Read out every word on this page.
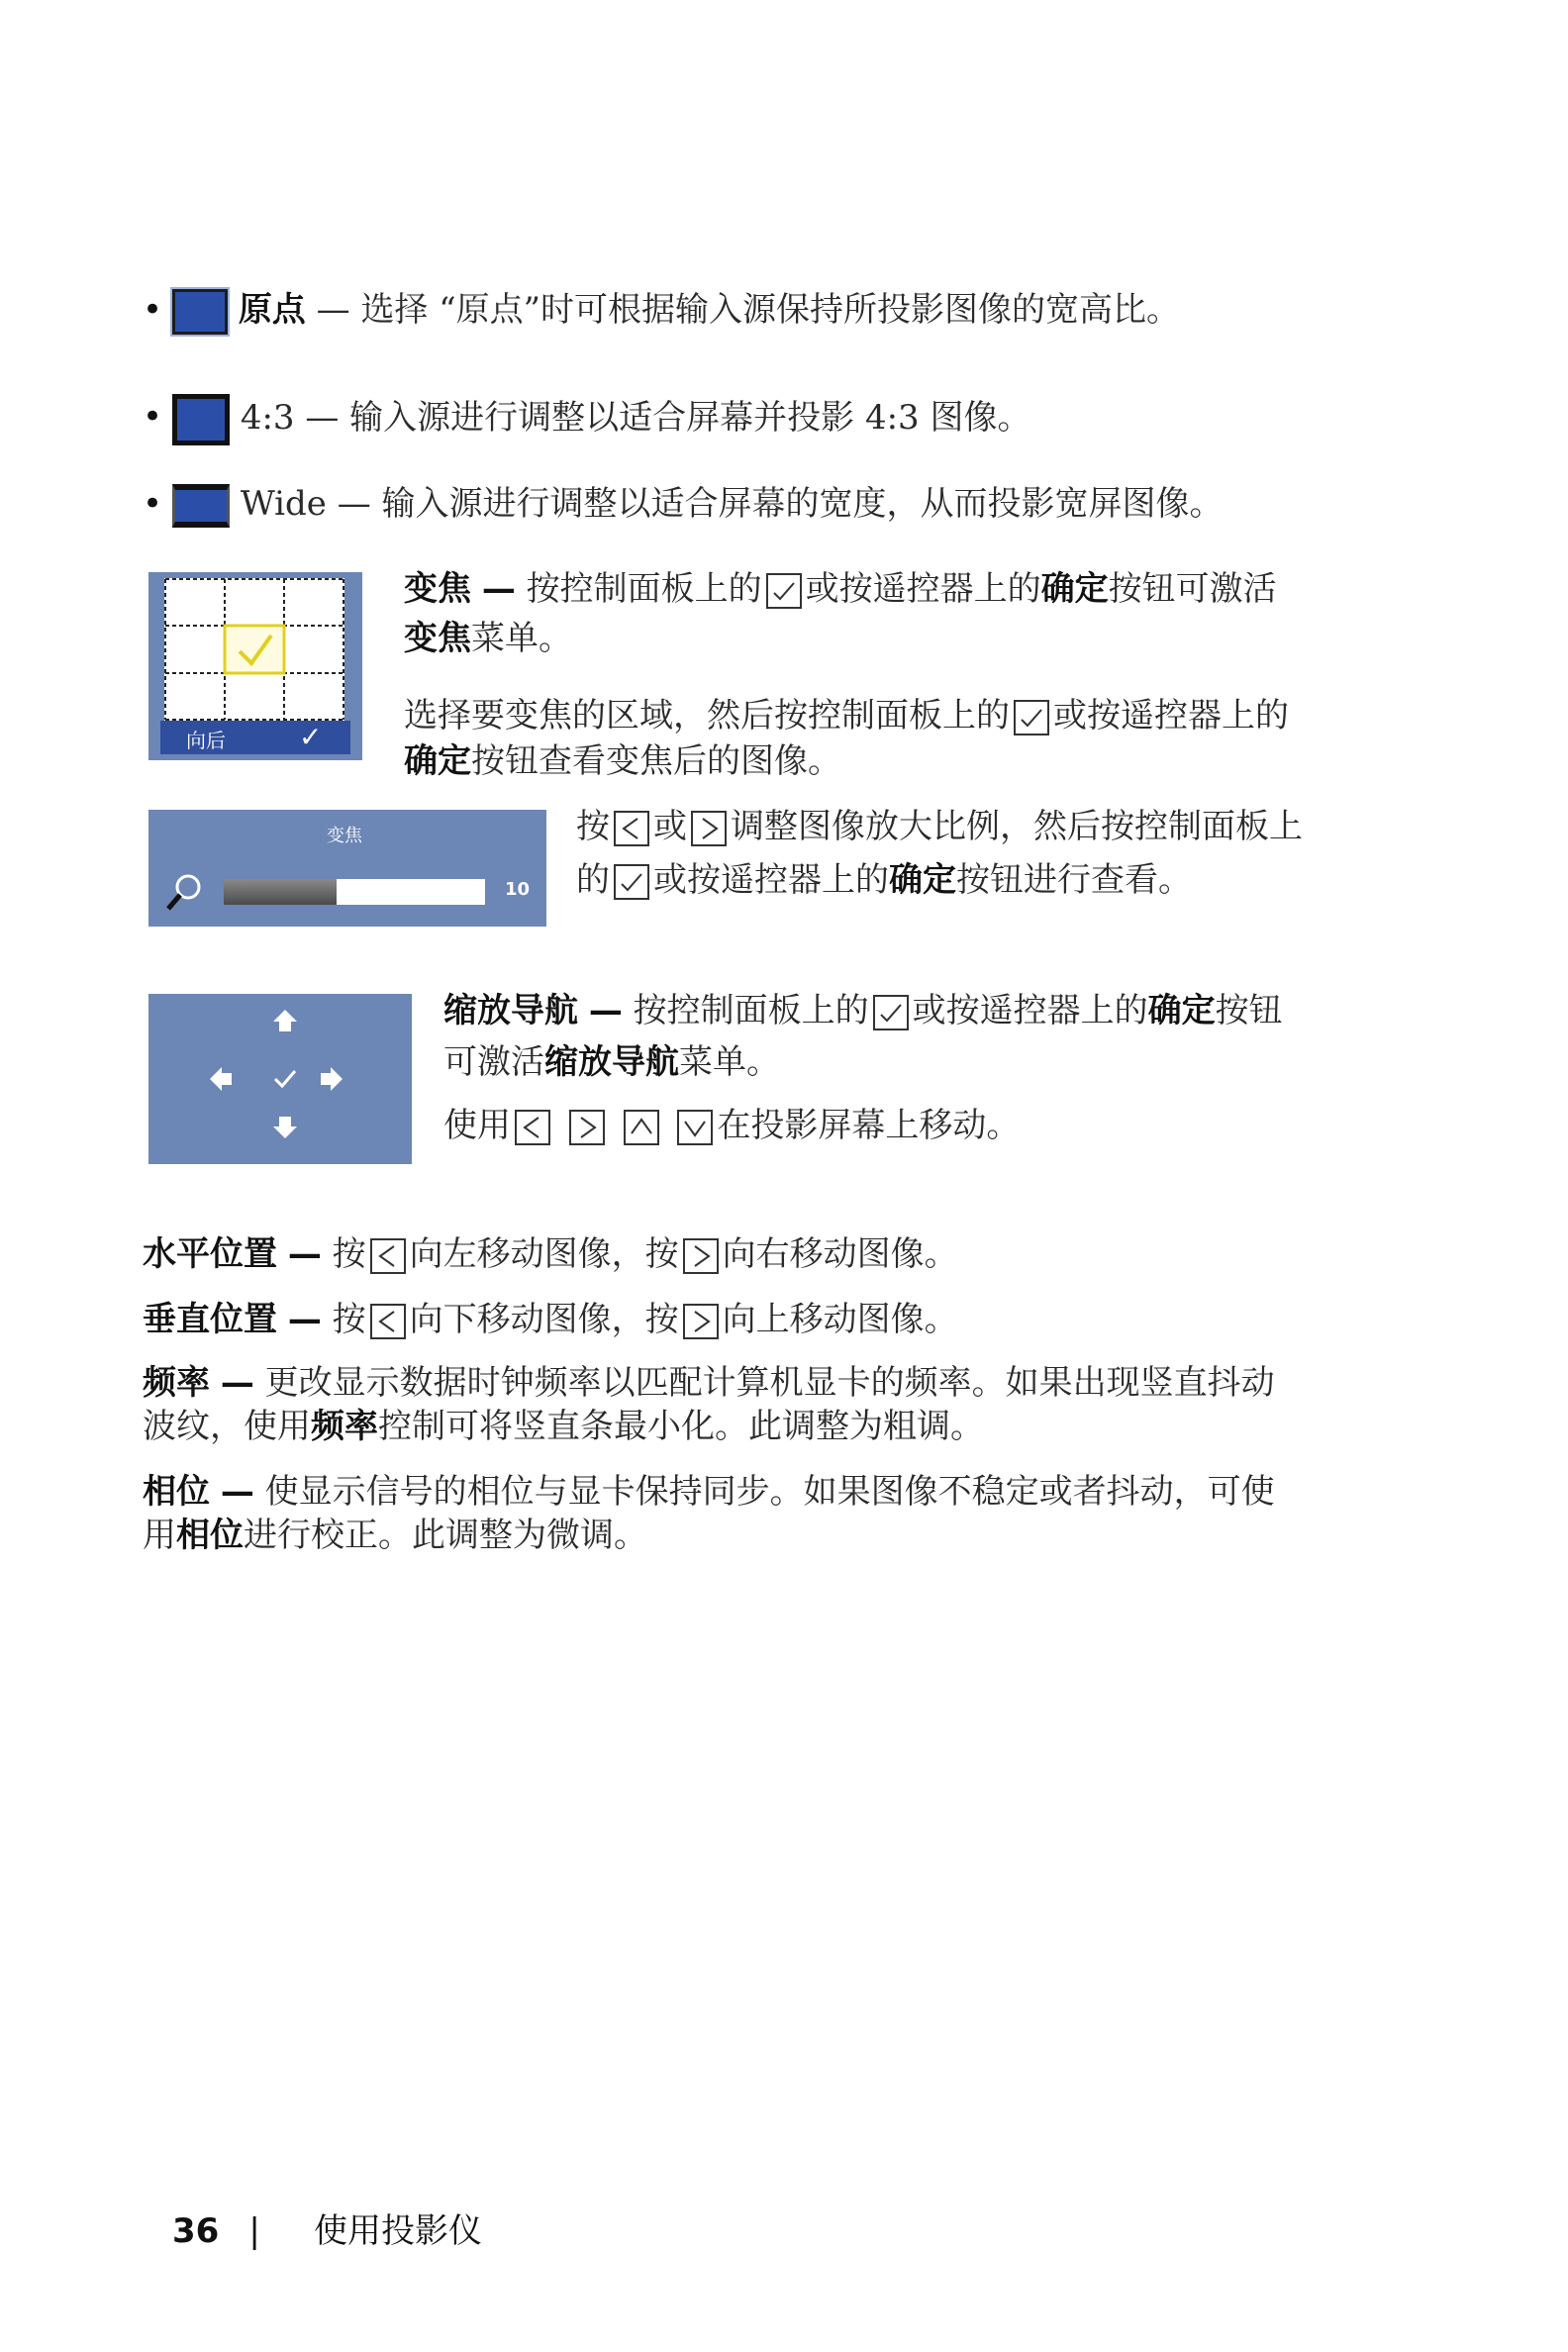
•	原点 — 选择 “原点”时可根据输入源保持所投影图像的宽高比。
•	4:3 — 输入源进行调整以适合屏幕并投影 4:3 图像。
•	Wide — 输入源进行调整以适合屏幕的宽度，从而投影宽屏图像。
向后	✓
变焦 — 按控制面板上的 或按遥控器上的确定按钮可激活
变焦菜单。
选择要变焦的区域，然后按控制面板上的 或按遥控器上的
确定按钮查看变焦后的图像。
变焦
10
按 或 调整图像放大比例，然后按控制面板上
的 或按遥控器上的确定按钮进行查看。
缩放导航 — 按控制面板上的 或按遥控器上的确定按钮
可激活缩放导航菜单。
使用

	在投影屏幕上移动。
水平位置 — 按 向左移动图像，按 向右移动图像。
垂直位置 — 按 向下移动图像，按 向上移动图像。
频率 — 更改显示数据时钟频率以匹配计算机显卡的频率。如果出现竖直抖动
波纹，使用频率控制可将竖直条最小化。此调整为粗调。
相位 — 使显示信号的相位与显卡保持同步。如果图像不稳定或者抖动，可使
用相位进行校正。此调整为微调。
36 | 使用投影仪
